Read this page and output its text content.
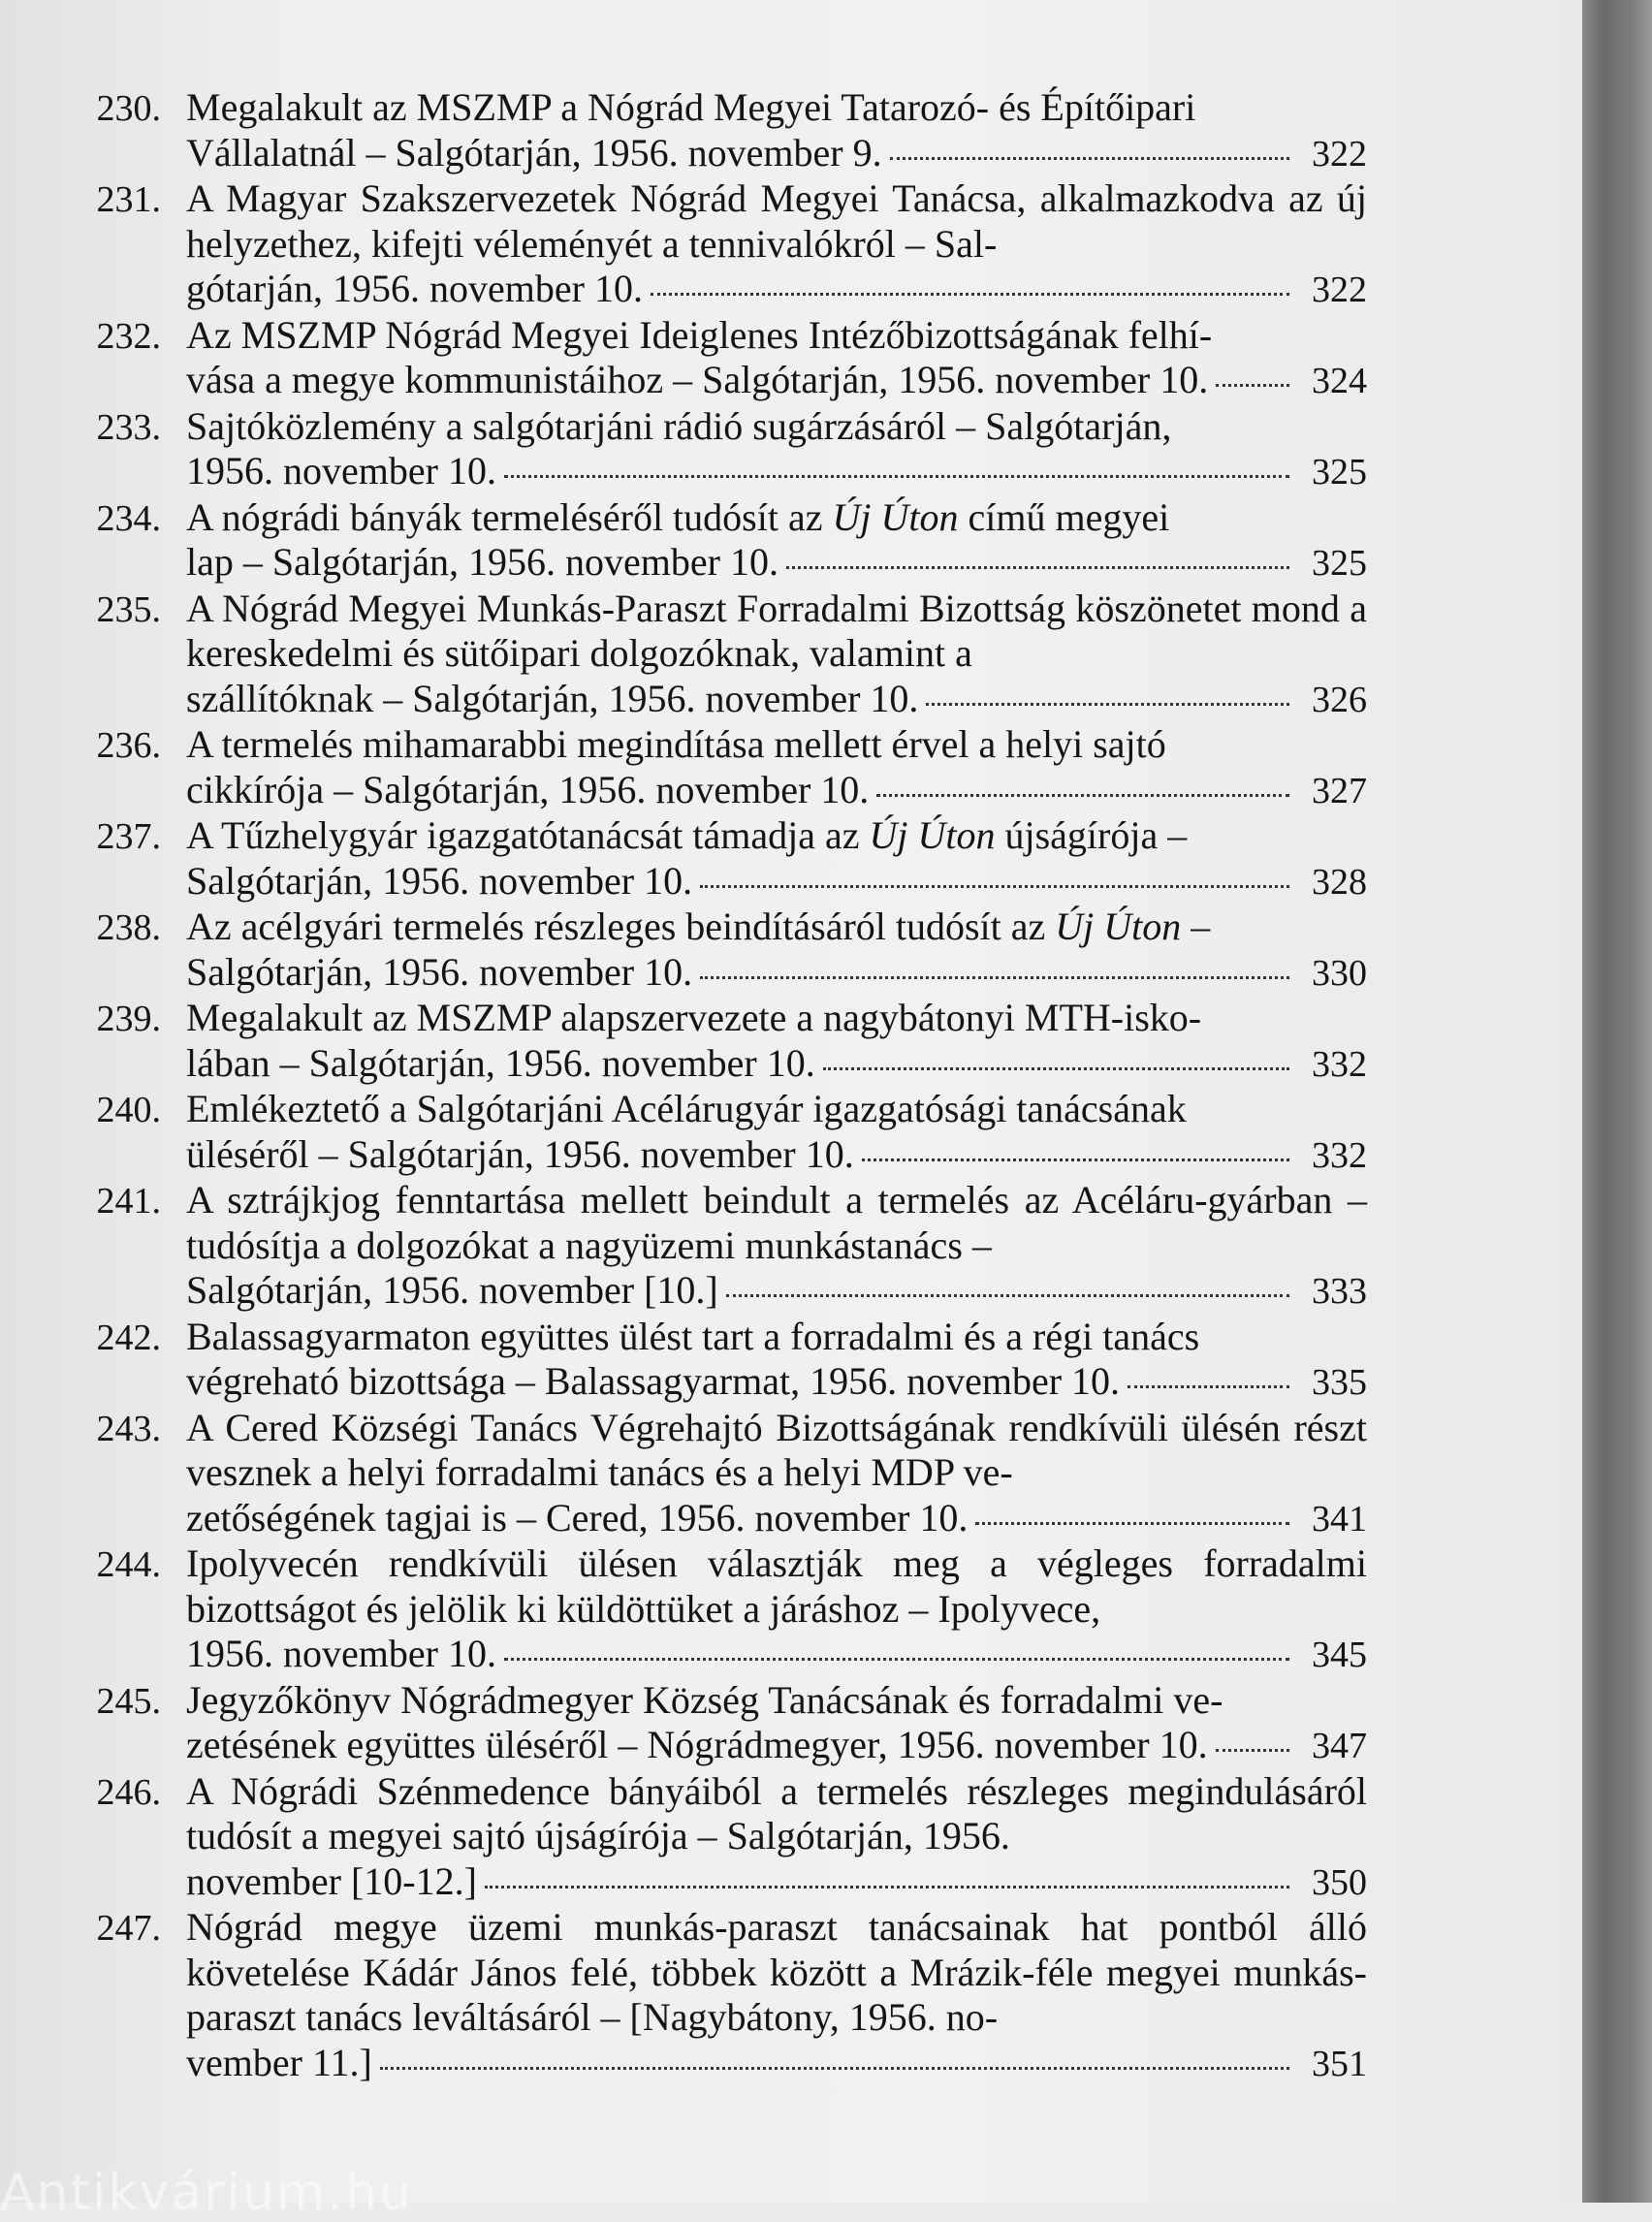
230. Megalakult az MSZMP a Nógrád Megyei Tatarozó- és Építőipari
Vállalatnál – Salgótarján, 1956. november 9.	322
231. A Magyar Szakszervezetek Nógrád Megyei Tanácsa, alkalmazkodva az új helyzethez, kifejti véleményét a tennivalókról – Sal-
gótarján, 1956. november 10.	322
232. Az MSZMP Nógrád Megyei Ideiglenes Intézőbizottságának felhí-
vása a megye kommunistáihoz – Salgótarján, 1956. november 10.	324
233. Sajtóközlemény a salgótarjáni rádió sugárzásáról – Salgótarján,
1956. november 10.	325
234. A nógrádi bányák termeléséről tudósít az Új Úton című megyei
lap – Salgótarján, 1956. november 10.	325
235. A Nógrád Megyei Munkás-Paraszt Forradalmi Bizottság köszönetet mond a kereskedelmi és sütőipari dolgozóknak, valamint a
szállítóknak – Salgótarján, 1956. november 10.	326
236. A termelés mihamarabbi megindítása mellett érvel a helyi sajtó
cikkírója – Salgótarján, 1956. november 10.	327
237. A Tűzhelygyár igazgatótanácsát támadja az Új Úton újságírója –
Salgótarján, 1956. november 10.	328
238. Az acélgyári termelés részleges beindításáról tudósít az Új Úton –
Salgótarján, 1956. november 10.	330
239. Megalakult az MSZMP alapszervezete a nagybátonyi MTH-isko-
lában – Salgótarján, 1956. november 10.	332
240. Emlékeztető a Salgótarjáni Acélárugyár igazgatósági tanácsának
üléséről – Salgótarján, 1956. november 10.	332
241. A sztrájkjog fenntartása mellett beindult a termelés az Acéláru-gyárban – tudósítja a dolgozókat a nagyüzemi munkástanács –
Salgótarján, 1956. november [10.]	333
242. Balassagyarmaton együttes ülést tart a forradalmi és a régi tanács
végreható bizottsága – Balassagyarmat, 1956. november 10.	335
243. A Cered Községi Tanács Végrehajtó Bizottságának rendkívüli ülésén részt vesznek a helyi forradalmi tanács és a helyi MDP ve-
zetőségének tagjai is – Cered, 1956. november 10.	341
244. Ipolyvecén rendkívüli ülésen választják meg a végleges forradalmi bizottságot és jelölik ki küldöttüket a járáshoz – Ipolyvece,
1956. november 10.	345
245. Jegyzőkönyv Nógrádmegyer Község Tanácsának és forradalmi ve-
zetésének együttes üléséről – Nógrádmegyer, 1956. november 10.	347
246. A Nógrádi Szénmedence bányáiból a termelés részleges megindulásáról tudósít a megyei sajtó újságírója – Salgótarján, 1956.
november [10-12.]	350
247. Nógrád megye üzemi munkás-paraszt tanácsainak hat pontból álló követelése Kádár János felé, többek között a Mrázik-féle megyei munkás-paraszt tanács leváltásáról – [Nagybátony, 1956. no-
vember 11.]	351
Antikvárium.hu
